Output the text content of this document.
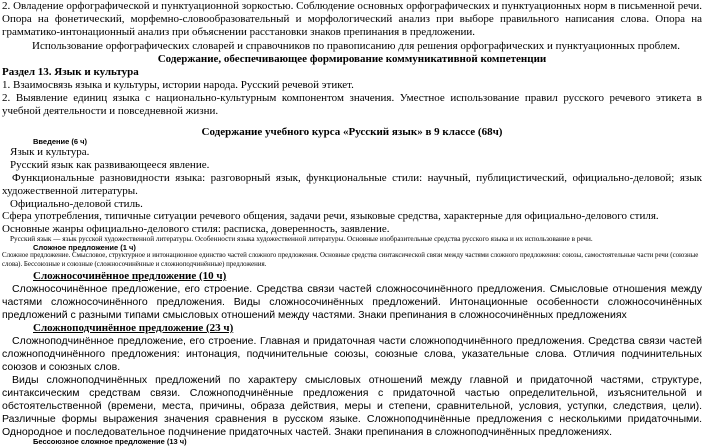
2. Овладение орфографической и пунктуационной зоркостью. Соблюдение основных орфографических и пунктуационных норм в письменной речи. Опора на фонетический, морфемно-словообразовательный и морфологический анализ при выборе правильного написания слова. Опора на грамматико-интонационный анализ при объяснении расстановки знаков препинания в предложении.

Использование орфографических словарей и справочников по правописанию для решения орфографических и пунктуационных проблем.

Содержание, обеспечивающее формирование коммуникативной компетенции

Раздел 13. Язык и культура

1. Взаимосвязь языка и культуры, истории народа. Русский речевой этикет.

2. Выявление единиц языка с национально-культурным компонентом значения. Уместное использование правил русского речевого этикета в учебной деятельности и повседневной жизни.

Содержание учебного курса «Русский язык» в 9 классе (68ч)

Введение (6 ч)

Язык и культура.

Русский язык как развивающееся явление.

Функциональные разновидности языка: разговорный язык, функциональные стили: научный, публицистический, официально-деловой; язык художественной литературы.

Официально-деловой стиль.

Сфера употребления, типичные ситуации речевого общения, задачи речи, языковые средства, характерные для официально-делового стиля. Основные жанры официально-делового стиля: расписка, доверенность, заявление.

Русский язык — язык русской художественной литературы. Особенности языка художественной литературы. Основные изобразительные средства русского языка и их использование в речи.

Сложное предложение (1 ч)

Сложное предложение. Смысловое, структурное и интонационное единство частей сложного предложения. Основные средства синтаксической связи между частями сложного предложения: союзы, самостоятельные части речи (союзные слова). Бессоюзные и союзные (сложносочинённые и сложноподчинённые) предложения.

Сложносочинённое предложение (10 ч)

Сложносочинённое предложение, его строение. Средства связи частей сложносочинённого предложения. Смысловые отношения между частями сложносочинённого предложения. Виды сложносочинённых предложений. Интонационные особенности сложносочинённых предложений с разными типами смысловых отношений между частями. Знаки препинания в сложносочинённых предложениях

Сложноподчинённое предложение (23 ч)

Сложноподчинённое предложение, его строение. Главная и придаточная части сложноподчинённого предложения. Средства связи частей сложноподчинённого предложения: интонация, подчинительные союзы, союзные слова, указательные слова. Отличия подчинительных союзов и союзных слов.

Виды сложноподчинённых предложений по характеру смысловых отношений между главной и придаточной частями, структуре, синтаксическим средствам связи. Сложноподчинённые предложения с придаточной частью определительной, изъяснительной и обстоятельственной (времени, места, причины, образа действия, меры и степени, сравнительной, условия, уступки, следствия, цели). Различные формы выражения значения сравнения в русском языке. Сложноподчинённые предложения с несколькими придаточными. Однородное и последовательное подчинение придаточных частей. Знаки препинания в сложноподчинённых предложениях.

Бессоюзное сложное предложение (13 ч)
